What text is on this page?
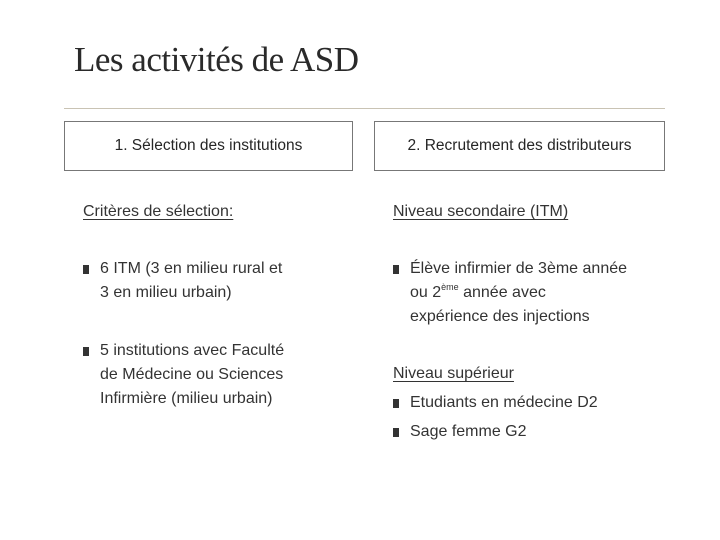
Les activités de ASD
1. Sélection des institutions	2. Recrutement des distributeurs
Critères de sélection:
6 ITM (3 en milieu rural et
3 en milieu urbain)
5 institutions avec Faculté
de Médecine ou Sciences
Infirmière (milieu urbain)
Niveau secondaire (ITM)
Élève infirmier de 3ème année
ou 2ème année avec
expérience des injections
Niveau supérieur
Etudiants en médecine D2
Sage femme G2
